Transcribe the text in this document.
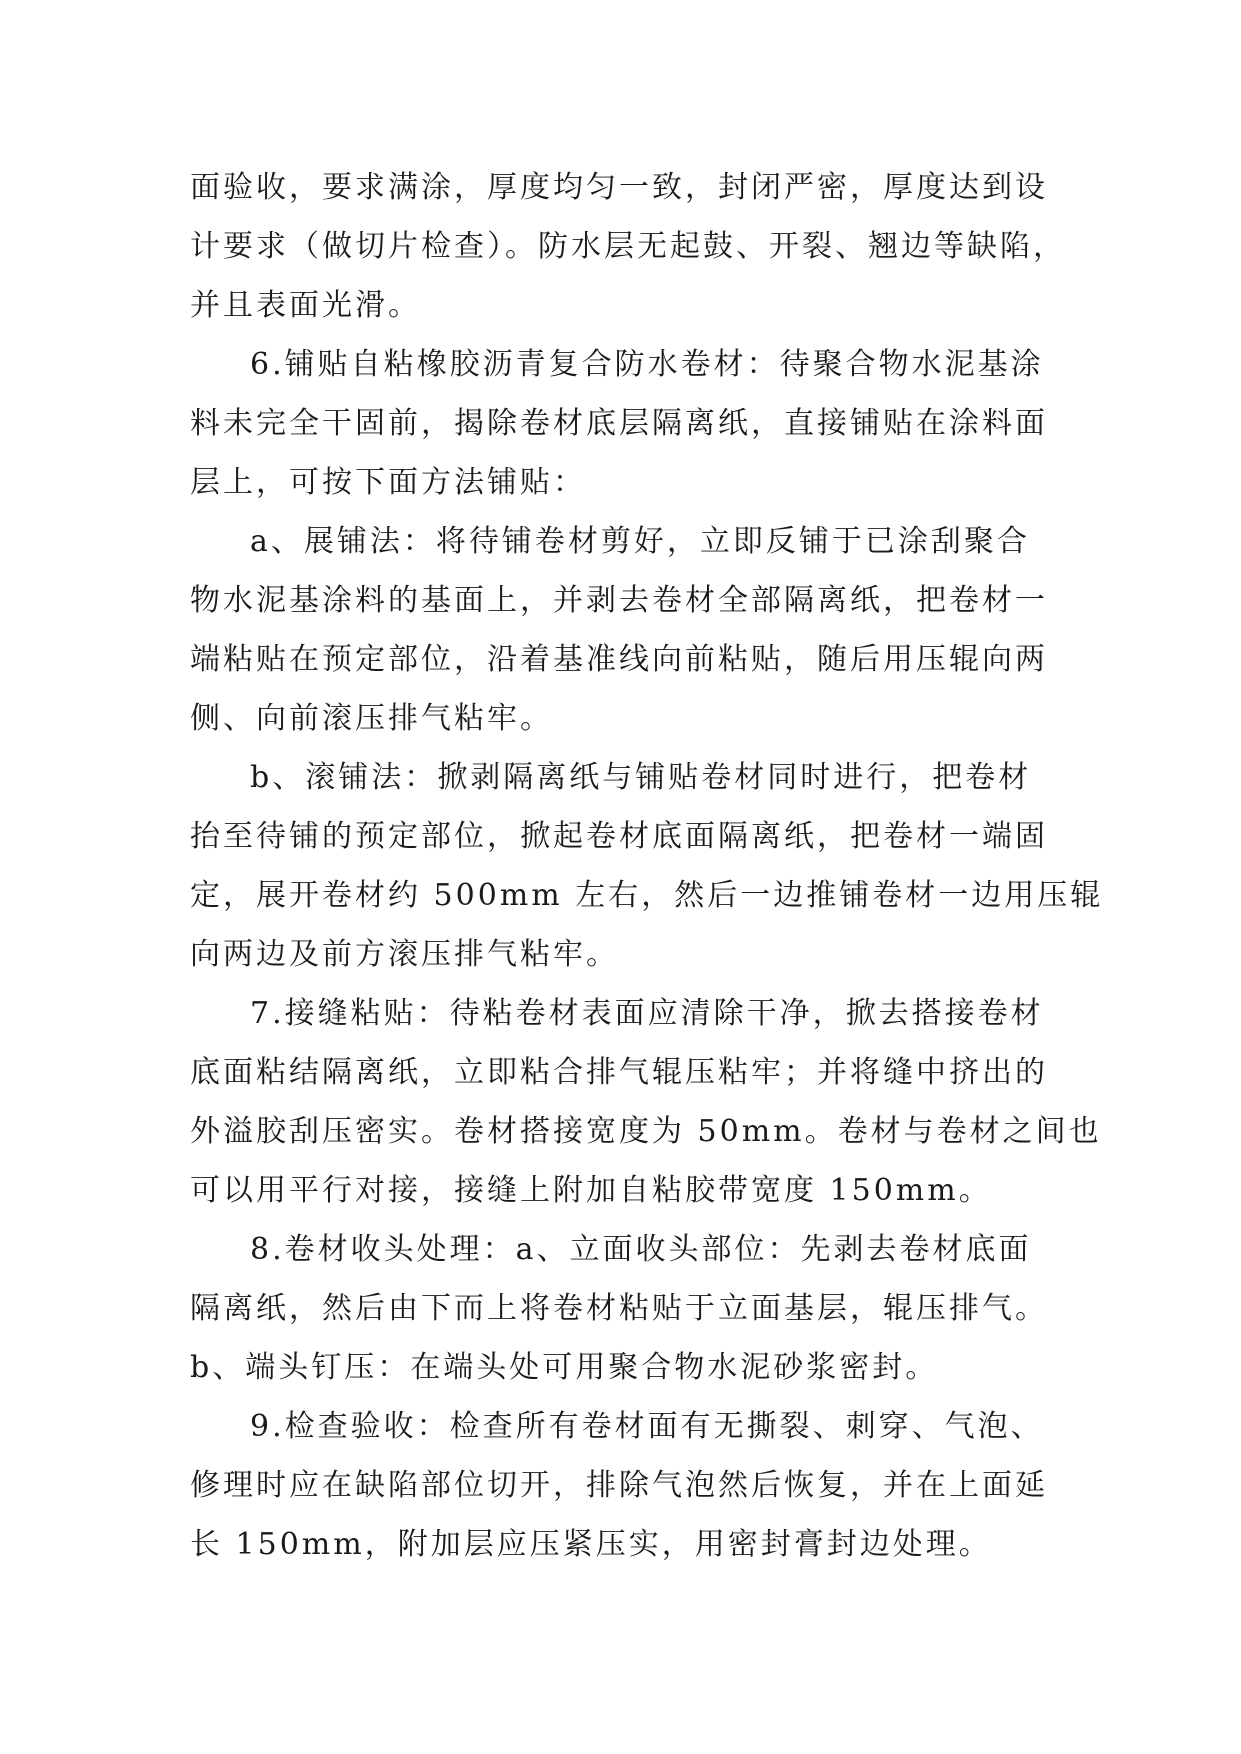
面验收，要求满涂，厚度均匀一致，封闭严密，厚度达到设
计要求（做切片检查）。防水层无起鼓、开裂、翘边等缺陷，
并且表面光滑。
6.铺贴自粘橡胶沥青复合防水卷材：待聚合物水泥基涂
料未完全干固前，揭除卷材底层隔离纸，直接铺贴在涂料面
层上，可按下面方法铺贴：
a、展铺法：将待铺卷材剪好，立即反铺于已涂刮聚合
物水泥基涂料的基面上，并剥去卷材全部隔离纸，把卷材一
端粘贴在预定部位，沿着基准线向前粘贴，随后用压辊向两
侧、向前滚压排气粘牢。
b、滚铺法：掀剥隔离纸与铺贴卷材同时进行，把卷材
抬至待铺的预定部位，掀起卷材底面隔离纸，把卷材一端固
定，展开卷材约 500mm 左右，然后一边推铺卷材一边用压辊
向两边及前方滚压排气粘牢。
7.接缝粘贴：待粘卷材表面应清除干净，掀去搭接卷材
底面粘结隔离纸，立即粘合排气辊压粘牢；并将缝中挤出的
外溢胶刮压密实。卷材搭接宽度为 50mm。卷材与卷材之间也
可以用平行对接，接缝上附加自粘胶带宽度 150mm。
8.卷材收头处理：a、立面收头部位：先剥去卷材底面
隔离纸，然后由下而上将卷材粘贴于立面基层，辊压排气。
b、端头钉压：在端头处可用聚合物水泥砂浆密封。
9.检查验收：检查所有卷材面有无撕裂、刺穿、气泡、
修理时应在缺陷部位切开，排除气泡然后恢复，并在上面延
长 150mm，附加层应压紧压实，用密封膏封边处理。
